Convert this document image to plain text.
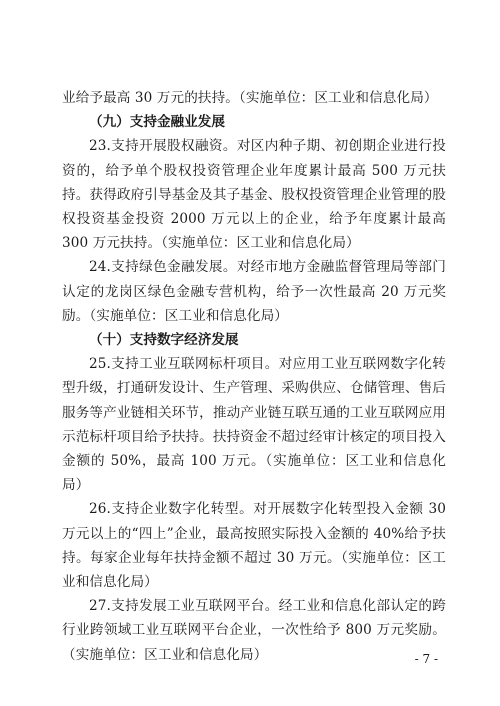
业给予最高 30 万元的扶持。（实施单位：区工业和信息化局）

（九）支持金融业发展

23.支持开展股权融资。对区内种子期、初创期企业进行投资的，给予单个股权投资管理企业年度累计最高 500 万元扶持。获得政府引导基金及其子基金、股权投资管理企业管理的股权投资基金投资 2000 万元以上的企业，给予年度累计最高 300 万元扶持。（实施单位：区工业和信息化局）

24.支持绿色金融发展。对经市地方金融监督管理局等部门认定的龙岗区绿色金融专营机构，给予一次性最高 20 万元奖励。（实施单位：区工业和信息化局）

（十）支持数字经济发展

25.支持工业互联网标杆项目。对应用工业互联网数字化转型升级，打通研发设计、生产管理、采购供应、仓储管理、售后服务等产业链相关环节，推动产业链互联互通的工业互联网应用示范标杆项目给予扶持。扶持资金不超过经审计核定的项目投入金额的 50%，最高 100 万元。（实施单位：区工业和信息化局）

26.支持企业数字化转型。对开展数字化转型投入金额 30 万元以上的“四上”企业，最高按照实际投入金额的 40%给予扶持。每家企业每年扶持金额不超过 30 万元。（实施单位：区工业和信息化局）

27.支持发展工业互联网平台。经工业和信息化部认定的跨行业跨领域工业互联网平台企业，一次性给予 800 万元奖励。（实施单位：区工业和信息化局）	- 7 -
